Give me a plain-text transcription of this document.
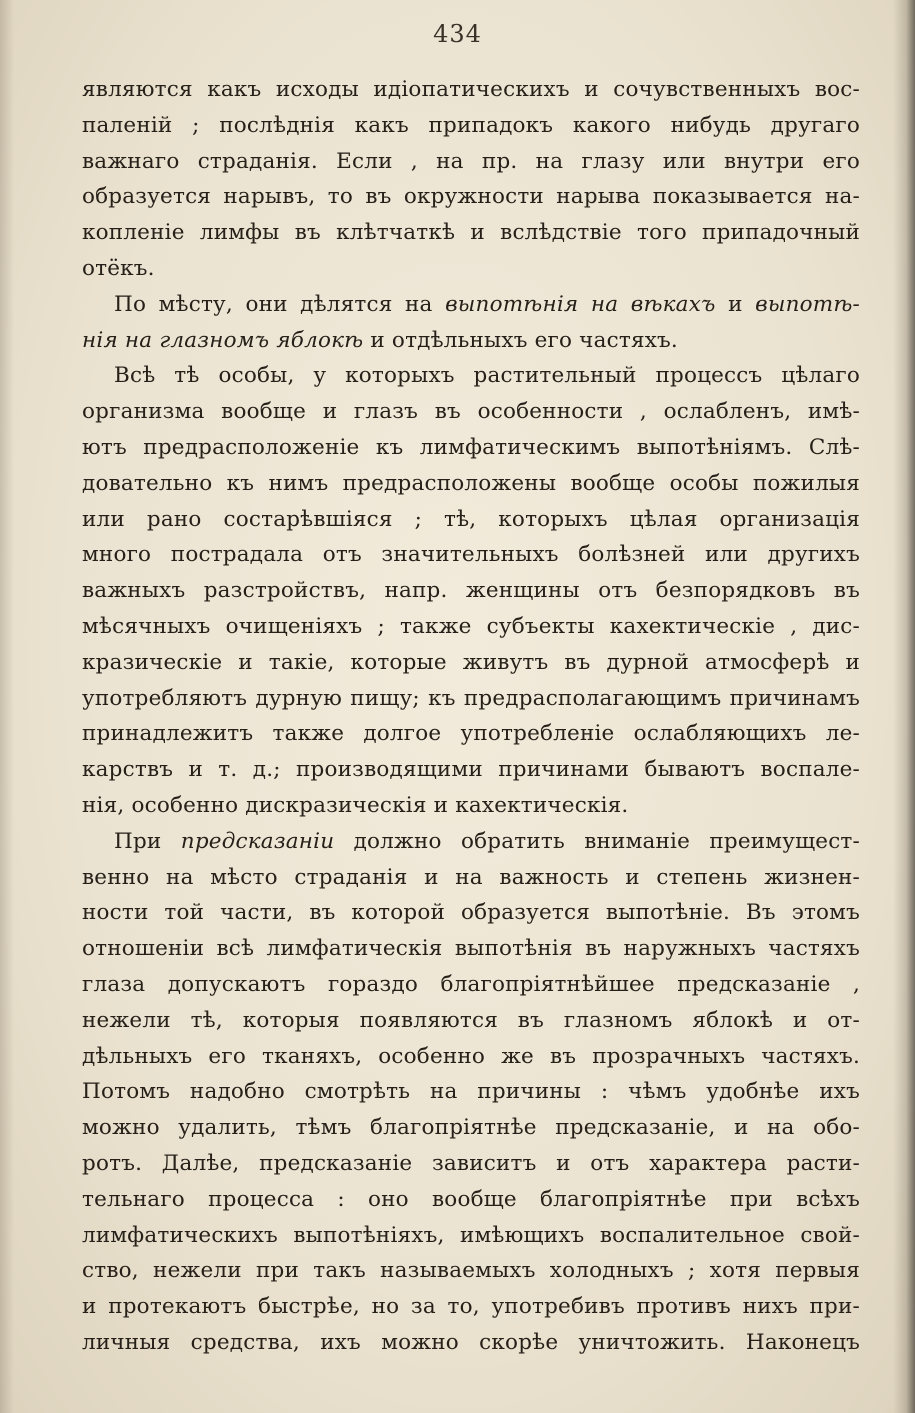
434
являются какъ исходы идіопатическихъ и сочувственныхъ вос-
паленій ; послѣднія какъ припадокъ какого нибудь другаго
важнаго страданія. Если , на пр. на глазу или внутри его
образуется нарывъ, то въ окружности нарыва показывается на-
копленіе лимфы въ клѣтчаткѣ и вслѣдствіе того припадочный
отёкъ.
По мѣсту, они дѣлятся на выпотѣнія на вѣкахъ и выпотѣ-
нія на глазномъ яблокѣ и отдѣльныхъ его частяхъ.
Всѣ тѣ особы, у которыхъ растительный процессъ цѣлаго
организма вообще и глазъ въ особенности , ослабленъ, имѣ-
ютъ предрасположеніе къ лимфатическимъ выпотѣніямъ. Слѣ-
довательно къ нимъ предрасположены вообще особы пожилыя
или рано состарѣвшіяся ; тѣ, которыхъ цѣлая организація
много пострадала отъ значительныхъ болѣзней или другихъ
важныхъ разстройствъ, напр. женщины отъ безпорядковъ въ
мѣсячныхъ очищеніяхъ ; также субъекты кахектическіе , дис-
кразическіе и такіе, которые живутъ въ дурной атмосферѣ и
употребляютъ дурную пищу; къ предрасполагающимъ причинамъ
принадлежитъ также долгое употребленіе ослабляющихъ ле-
карствъ и т. д.; производящими причинами бываютъ воспале-
нія, особенно дискразическія и кахектическія.
При предсказаніи должно обратить вниманіе преимущест-
венно на мѣсто страданія и на важность и степень жизнен-
ности той части, въ которой образуется выпотѣніе. Въ этомъ
отношеніи всѣ лимфатическія выпотѣнія въ наружныхъ частяхъ
глаза допускаютъ гораздо благопріятнѣйшее предсказаніе ,
нежели тѣ, которыя появляются въ глазномъ яблокѣ и от-
дѣльныхъ его тканяхъ, особенно же въ прозрачныхъ частяхъ.
Потомъ надобно смотрѣть на причины : чѣмъ удобнѣе ихъ
можно удалить, тѣмъ благопріятнѣе предсказаніе, и на обо-
ротъ. Далѣе, предсказаніе зависитъ и отъ характера расти-
тельнаго процесса : оно вообще благопріятнѣе при всѣхъ
лимфатическихъ выпотѣніяхъ, имѣющихъ воспалительное свой-
ство, нежели при такъ называемыхъ холодныхъ ; хотя первыя
и протекаютъ быстрѣе, но за то, употребивъ противъ нихъ при-
личныя средства, ихъ можно скорѣе уничтожить. Наконецъ
